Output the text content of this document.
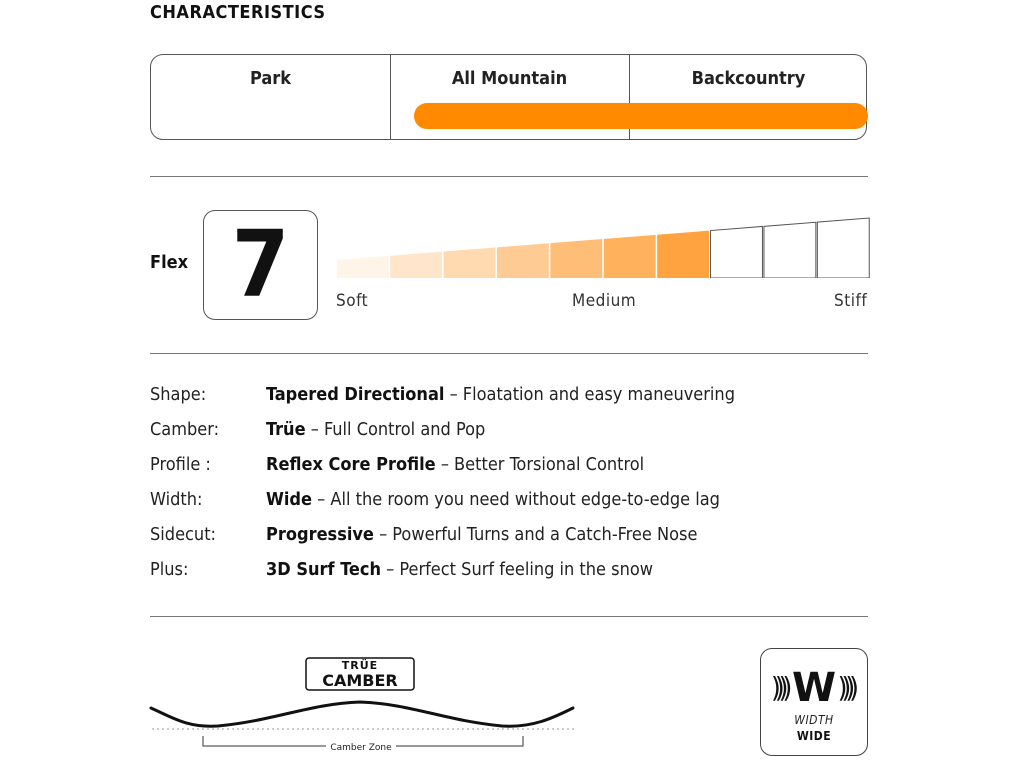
CHARACTERISTICS
Park	All Mountain	Backcountry
Flex 7	Soft	Medium	Stiff
Shape:	Tapered Directional – Floatation and easy maneuvering
Camber:	Trüe – Full Control and Pop
Profile :	Reflex Core Profile – Better Torsional Control
Width:	Wide – All the room you need without edge-to-edge lag
Sidecut:	Progressive – Powerful Turns and a Catch-Free Nose
Plus:	3D Surf Tech – Perfect Surf feeling in the snow
TRÜE
CAMBER
Camber Zone
)))) W ))))
WIDTH
WIDE
